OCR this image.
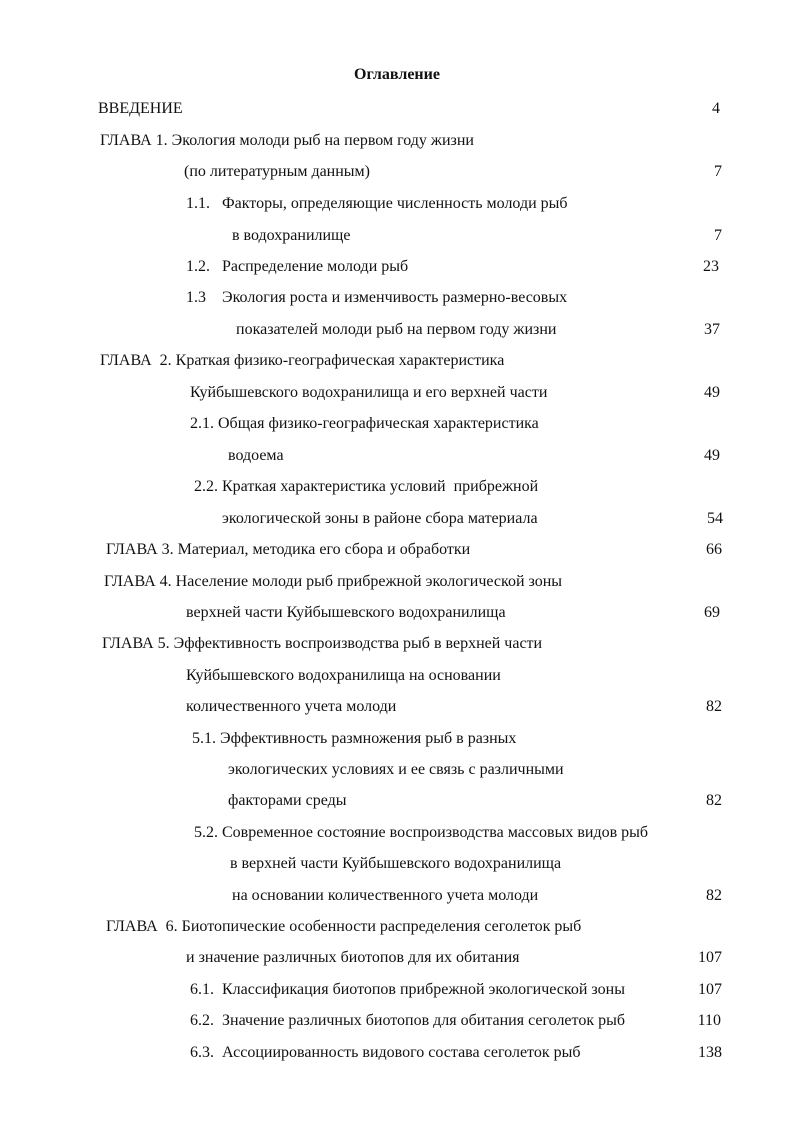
Оглавление
ВВЕДЕНИЕ	4
ГЛАВА 1. Экология молоди рыб на первом году жизни
(по литературным данным)	7
1.1.   Факторы, определяющие численность молоди рыб
в водохранилище	7
1.2.   Распределение молоди рыб	23
1.3    Экология роста и изменчивость размерно-весовых
показателей молоди рыб на первом году жизни	37
ГЛАВА  2. Краткая физико-географическая характеристика
Куйбышевского водохранилища и его верхней части	49
2.1. Общая физико-географическая характеристика
водоема	49
2.2. Краткая характеристика условий  прибрежной
экологической зоны в районе сбора материала	54
ГЛАВА 3. Материал, методика его сбора и обработки	66
ГЛАВА 4. Население молоди рыб прибрежной экологической зоны
верхней части Куйбышевского водохранилища	69
ГЛАВА 5. Эффективность воспроизводства рыб в верхней части
Куйбышевского водохранилища на основании
количественного учета молоди	82
5.1. Эффективность размножения рыб в разных
экологических условиях и ее связь с различными
факторами среды	82
5.2. Современное состояние воспроизводства массовых видов рыб
в верхней части Куйбышевского водохранилища
на основании количественного учета молоди	82
ГЛАВА  6. Биотопические особенности распределения сеголеток рыб
и значение различных биотопов для их обитания	107
6.1.  Классификация биотопов прибрежной экологической зоны	107
6.2.  Значение различных биотопов для обитания сеголеток рыб	110
6.3.  Ассоциированность видового состава сеголеток рыб	138
